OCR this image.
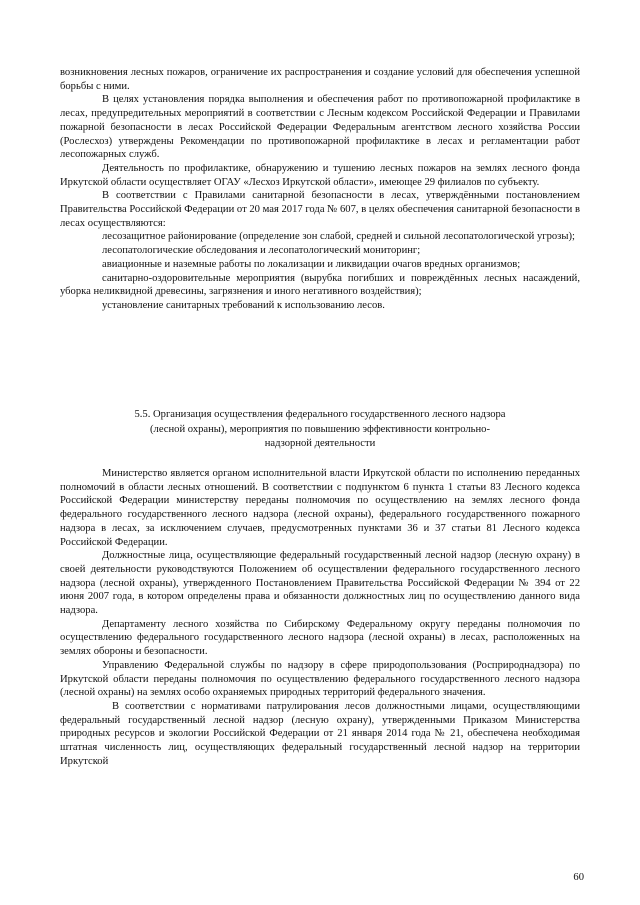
возникновения лесных пожаров, ограничение их распространения и создание условий для обеспечения успешной борьбы с ними.

В целях установления порядка выполнения и обеспечения работ по противопожарной профилактике в лесах, предупредительных мероприятий в соответствии с Лесным кодексом Российской Федерации и Правилами пожарной безопасности в лесах Российской Федерации Федеральным агентством лесного хозяйства России (Рослесхоз) утверждены Рекомендации по противопожарной профилактике в лесах и регламентации работ лесопожарных служб.

Деятельность по профилактике, обнаружению и тушению лесных пожаров на землях лесного фонда Иркутской области осуществляет ОГАУ «Лесхоз Иркутской области», имеющее 29 филиалов по субъекту.

В соответствии с Правилами санитарной безопасности в лесах, утверждёнными постановлением Правительства Российской Федерации от 20 мая 2017 года № 607, в целях обеспечения санитарной безопасности в лесах осуществляются:

лесозащитное районирование (определение зон слабой, средней и сильной лесопатологической угрозы);

лесопатологические обследования и лесопатологический мониторинг;

авиационные и наземные работы по локализации и ликвидации очагов вредных организмов;

санитарно-оздоровительные мероприятия (вырубка погибших и повреждённых лесных насаждений, уборка неликвидной древесины, загрязнения и иного негативного воздействия);

установление санитарных требований к использованию лесов.

5.5. Организация осуществления федерального государственного лесного надзора
(лесной охраны), мероприятия по повышению эффективности контрольно-
надзорной деятельности

Министерство является органом исполнительной власти Иркутской области по исполнению переданных полномочий в области лесных отношений. В соответствии с подпунктом 6 пункта 1 статьи 83 Лесного кодекса Российской Федерации министерству переданы полномочия по осуществлению на землях лесного фонда федерального государственного лесного надзора (лесной охраны), федерального государственного пожарного надзора в лесах, за исключением случаев, предусмотренных пунктами 36 и 37 статьи 81 Лесного кодекса Российской Федерации.

Должностные лица, осуществляющие федеральный государственный лесной надзор (лесную охрану) в своей деятельности руководствуются Положением об осуществлении федерального государственного лесного надзора (лесной охраны), утвержденного Постановлением Правительства Российской Федерации № 394 от 22 июня 2007 года, в котором определены права и обязанности должностных лиц по осуществлению данного вида надзора.

Департаменту лесного хозяйства по Сибирскому Федеральному округу переданы полномочия по осуществлению федерального государственного лесного надзора (лесной охраны) в лесах, расположенных на землях обороны и безопасности.

Управлению Федеральной службы по надзору в сфере природопользования (Росприроднадзора) по Иркутской области переданы полномочия по осуществлению федерального государственного лесного надзора (лесной охраны) на землях особо охраняемых природных территорий федерального значения.

В соответствии с нормативами патрулирования лесов должностными лицами, осуществляющими федеральный государственный лесной надзор (лесную охрану), утвержденными Приказом Министерства природных ресурсов и экологии Российской Федерации от 21 января 2014 года № 21, обеспечена необходимая штатная численность лиц, осуществляющих федеральный государственный лесной надзор на территории Иркутской

60
